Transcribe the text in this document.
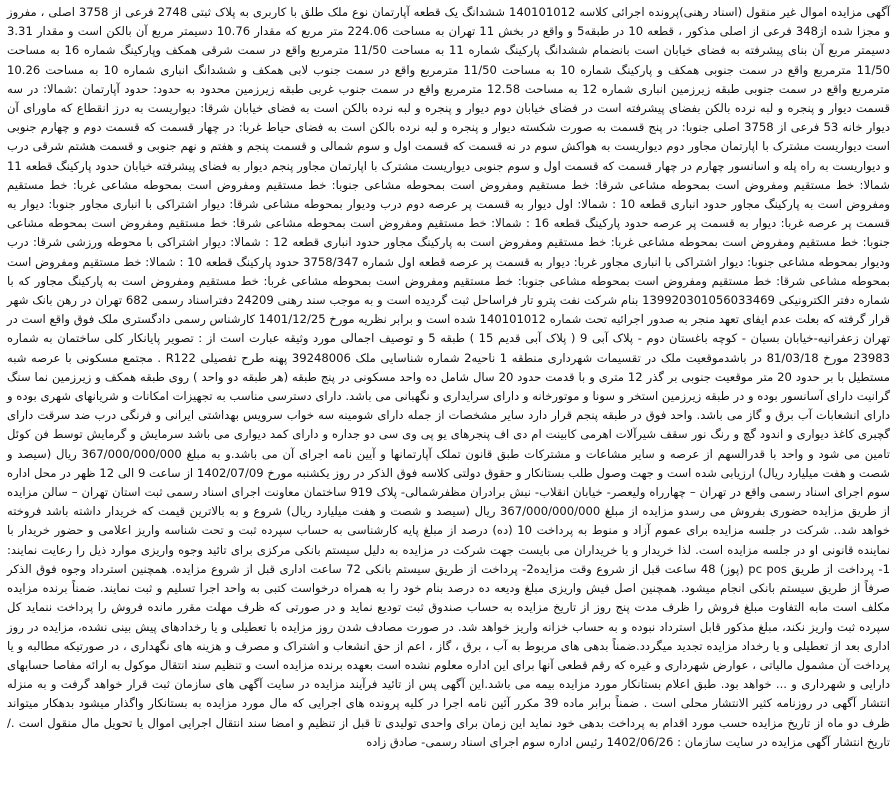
آگهی مزایده اموال غیر منقول (اسناد رهنی)پرونده اجرائی کلاسه 140101012 ششدانگ یک قطعه آپارتمان نوع ملک طلق با کاربری به پلاک ثبتی 2748 فرعی از 3758 اصلی ، مفروز و مجزا شده از348 فرعی از اصلی مذکور ، قطعه 10 در طبقه5 و واقع در بخش 11 تهران به مساحت 224.06 متر مربع که مقدار 10.76 دسیمتر مربع آن بالکن است و مقدار 3.31 دسیمتر مربع آن بنای پیشرفته به فضای خیابان است بانضمام ششدانگ پارکینگ شماره 11 به مساحت 11/50 مترمربع واقع در سمت شرقی همکف وپارکینگ شماره 16 به مساحت 11/50 مترمربع واقع در سمت جنوبی همکف و پارکینگ شماره 10 به مساحت 11/50 مترمربع واقع در سمت جنوب لابی همکف و ششدانگ انباری شماره 10 به مساحت 10.26 مترمربع واقع در سمت جنوبی طبقه زیرزمین انباری شماره 12 به مساحت 12.58 مترمربع واقع در سمت جنوب غربی طبقه زیرزمین محدود به حدود: حدود آپارتمان :شمالا: در سه قسمت دیوار و پنجره و لبه نرده بالکن بفضای پیشرفته است در فضای خیابان دوم دیوار و پنجره و لبه نرده بالکن است به فضای خیابان شرقا: دیواریست به درز انقطاع که ماورای آن دیوار خانه 53 فرعی از 3758 اصلی جنوبا: در پنج قسمت به صورت شکسته دیوار و پنجره و لبه نرده بالکن است به فضای حیاط غربا: در چهار قسمت که قسمت دوم و چهارم جنوبی است دیواریست مشترک با اپارتمان مجاور دوم دیواریست به هواکش سوم در نه قسمت که قسمت اول و سوم شمالی و قسمت پنجم و هفتم و نهم جنوبی و قسمت هشتم شرقی درب و دیواریست به راه پله و اسانسور چهارم در چهار قسمت که قسمت اول و سوم جنوبی دیواریست مشترک با اپارتمان مجاور پنجم دیوار به فضای پیشرفته خیابان حدود پارکینگ قطعه 11 شمالا: خط مستقیم ومفروض است بمحوطه مشاعی شرقا: خط مستقیم ومفروض است بمحوطه مشاعی جنوبا: خط مستقیم ومفروض است بمحوطه مشاعی غربا: خط مستقیم ومفروض است به پارکینگ مجاور حدود انباری قطعه 10 : شمالا: اول دیوار به قسمت پر عرصه دوم درب ودیوار بمحوطه مشاعی شرقا: دیوار اشتراکی با انباری مجاور جنوبا: دیوار به قسمت پر عرصه غربا: دیوار به قسمت پر عرصه حدود پارکینگ قطعه 16 : شمالا: خط مستقیم ومفروض است بمحوطه مشاعی شرقا: خط مستقیم ومفروض است بمحوطه مشاعی جنوبا: خط مستقیم ومفروض است بمحوطه مشاعی غربا: خط مستقیم ومفروض است به پارکینگ مجاور حدود انباری قطعه 12 : شمالا: دیوار اشتراکی با محوطه ورزشی شرقا: درب ودیوار بمحوطه مشاعی جنوبا: دیوار اشتراکی با انباری مجاور غربا: دیوار به قسمت پر عرصه قطعه اول شماره 3758/347 حدود پارکینگ قطعه 10 : شمالا: خط مستقیم ومفروض است بمحوطه مشاعی شرقا: خط مستقیم ومفروض است بمحوطه مشاعی جنوبا: خط مستقیم ومفروض است بمحوطه مشاعی غربا: خط مستقیم ومفروض است به پارکینگ مجاور که با شماره دفتر الکترونیکی 139920301056033469 بنام شرکت نفت پترو تار فراساحل ثبت گردیده است و به موجب سند رهنی 24209 دفتراسناد رسمی 682 تهران در رهن بانک شهر قرار گرفته که بعلت عدم ایفای تعهد منجر به صدور اجرائیه تحت شماره 140101012 شده است و برابر نظریه مورخ 1401/12/25 کارشناس رسمی دادگستری ملک فوق واقع است در تهران زعفرانیه-خیابان بسیان - کوچه باغستان دوم - پلاک آبی 9 ( پلاک آبی قدیم 15 ) طبقه 5 و توصیف اجمالی مورد وثیقه عبارت است از : تصویر پایانکار کلی ساختمان به شماره 23983 مورخ 81/03/18 در باشدموقعیت ملک در تقسیمات شهرداری منطقه 1 ناحیه2 شماره شناسایی ملک 39248006 پهنه طرح تفصیلی R122 . مجتمع مسکونی با عرصه شبه مستطیل با بر حدود 20 متر موقعیت جنوبی بر گذر 12 متری و با قدمت حدود 20 سال شامل ده واحد مسکونی در پنج طبقه (هر طبقه دو واحد ) روی طبقه همکف و زیرزمین نما سنگ گرانیت دارای آسانسور بوده و در طبقه زیرزمین استخر و سونا و موتورخانه و دارای سرایداری و نگهبانی می باشد. دارای دسترسی مناسب به تجهیزات امکانات و شریانهای شهری بوده و دارای انشعابات آب برق و گاز می باشد. واحد فوق در طبقه پنجم قرار دارد سایر مشخصات از جمله دارای شومینه سه خواب سرویس بهداشتی ایرانی و فرنگی درب ضد سرقت دارای گچبری کاغذ دیواری و اندود گچ و رنگ نور سقف شیرآلات اهرمی کابینت ام دی اف پنجرهای یو پی وی سی دو جداره و دارای کمد دیواری می باشد سرمایش و گرمایش توسط فن کوئل تامین می شود و واحد با قدرالسهم از عرصه و سایر مشاعات و مشترکات طبق قانون تملک آپارتمانها و آیین نامه اجرای آن می باشد.و به مبلغ 367/000/000/000 ریال (سیصد و شصت و هفت میلیارد ریال) ارزیابی شده است و جهت وصول طلب بستانکار و حقوق دولتی کلاسه فوق الذکر در روز یکشنبه مورخ 1402/07/09 از ساعت 9 الی 12 ظهر در محل اداره سوم اجرای اسناد رسمی واقع در تهران – چهارراه ولیعصر- خیابان انقلاب- نبش برادران مظفرشمالی- پلاک 919 ساختمان معاونت اجرای اسناد رسمی ثبت استان تهران – سالن مزایده از طریق مزایده حضوری بفروش می رسدو مزایده از مبلغ 367/000/000/000 ریال (سیصد و شصت و هفت میلیارد ریال) شروع و به بالاترین قیمت که خریدار داشته باشد فروخته خواهد شد.. شرکت در جلسه مزایده برای عموم آزاد و منوط به پرداخت 10 (ده) درصد از مبلغ پایه کارشناسی به حساب سپرده ثبت و تحت شناسه واریز اعلامی و حضور خریدار با نماینده قانونی او در جلسه مزایده است. لذا خریدار و یا خریداران می بایست جهت شرکت در مزایده به دلیل سیستم بانکی مرکزی برای تائید وجوه واریزی موارد ذیل را رعایت نمایند: 1- پرداخت از طریق pc pos (پوز) 48 ساعت قبل از شروع وقت مزایده2- پرداخت از طریق سیستم بانکی 72 ساعت اداری قبل از شروع مزایده. همچنین استرداد وجوه فوق الذکر صرفاً از طریق سیستم بانکی انجام میشود. همچنین اصل فیش واریزی مبلغ ودیعه ده درصد بنام خود را به همراه درخواست کتبی به واحد اجرا تسلیم و ثبت نمایند. ضمناً برنده مزایده مکلف است مابه التفاوت مبلغ فروش را ظرف مدت پنج روز از تاریخ مزایده به حساب صندوق ثبت تودیع نماید و در صورتی که ظرف مهلت مقرر مانده فروش را پرداخت ننماید کل سپرده ثبت واریز نکند، مبلغ مذکور قابل استرداد نبوده و به حساب خزانه واریز خواهد شد. در صورت مصادف شدن روز مزایده با تعطیلی و یا رخدادهای پیش بینی نشده، مزایده در روز اداری بعد از تعطیلی و یا رخداد مزایده تجدید میگردد.ضمناً بدهی های مربوط به آب ، برق ، گاز ، اعم از حق انشعاب و اشتراک و مصرف و هزینه های نگهداری ، در صورتیکه مطالبه و یا پرداخت آن مشمول مالیاتی ، عوارض شهرداری و غیره که رقم قطعی آنها برای این اداره معلوم نشده است بعهده برنده مزایده است و تنظیم سند انتقال موکول به ارائه مفاصا حسابهای دارایی و شهرداری و ... خواهد بود. طبق اعلام بستانکار مورد مزایده بیمه می باشد.این آگهی پس از تائید فرآیند مزایده در سایت آگهی های سازمان ثبت قرار خواهد گرفت و به منزله انتشار آگهی در روزنامه کثیر الانتشار محلی است . ضمناً برابر ماده 39 مکرر آئین نامه اجرا در کلیه پرونده های اجرایی که مال مورد مزایده به بستانکار واگذار میشود بدهکار میتواند ظرف دو ماه از تاریخ مزایده حسب مورد اقدام به پرداخت بدهی خود نماید این زمان برای واحدی تولیدی تا قبل از تنظیم و امضا سند انتقال اجرایی اموال یا تحویل مال منقول است ./ تاریخ انتشار آگهی مزایده در سایت سازمان : 1402/06/26 رئیس اداره سوم اجرای اسناد رسمی- صادق زاده
